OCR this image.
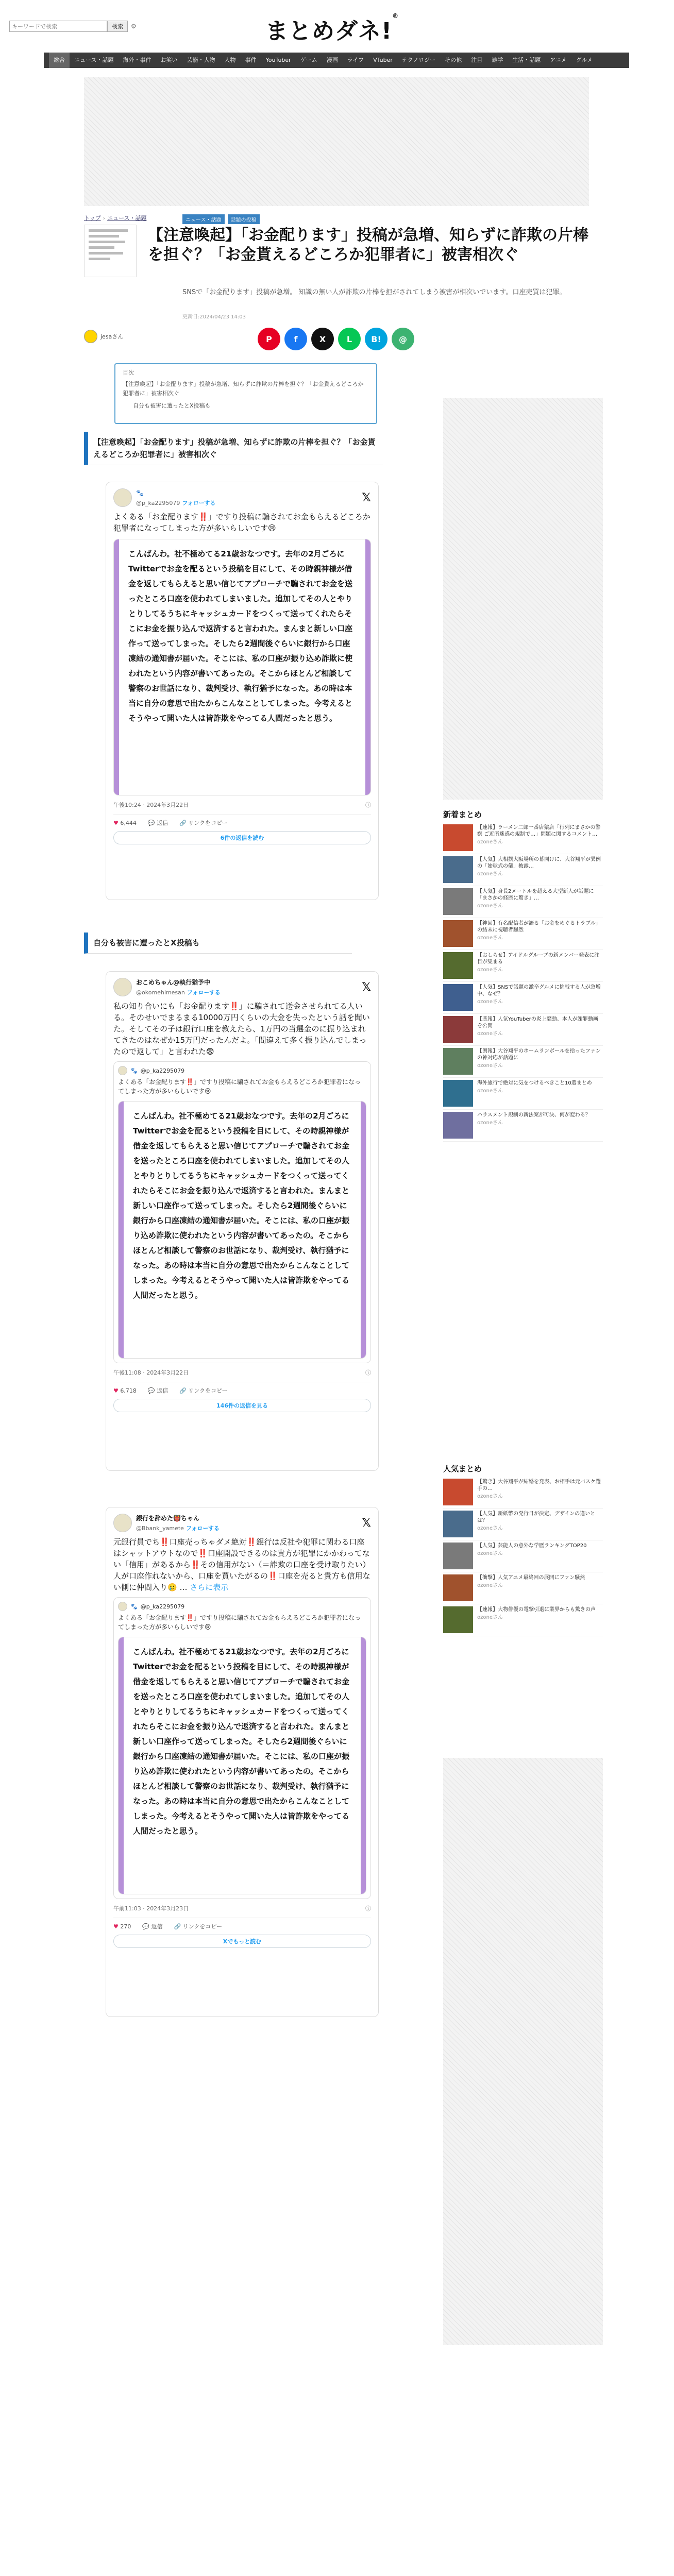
キーワードで検索
検索	⚙	まとめダネ!®
総合	ニュース・話題	海外・事件	お笑い	芸能・人物	人物	事件	YouTuber	ゲーム	漫画	ライフ	VTuber	テクノロジー	その他	注目	雑学	生活・話題	アニメ	グルメ
トップ › ニュース・話題	ニュース・話題	話題の投稿
【注意喚起】「お金配ります」投稿が急増、知らずに詐欺の片棒を担ぐ？「お金貰えるどころか犯罪者に」被害相次ぐ

SNSで「お金配ります」投稿が急増。 知識の無い人が詐欺の片棒を担がされてしまう被害が相次いでいます。口座売買は犯罪。

更新日:2024/04/23 14:03
jesaさん	P	f	X	L	B!	@
目次
【注意喚起】「お金配ります」投稿が急増、知らずに詐欺の片棒を担ぐ？「お金貰えるどころか犯罪者に」被害相次ぐ
自分も被害に遭ったとX投稿も
【注意喚起】「お金配ります」投稿が急増、知らずに詐欺の片棒を担ぐ？「お金貰えるどころか犯罪者に」被害相次ぐ
🐾
@p_ka2295079 フォローする	𝕏
よくある「お金配ります‼️」ですり投稿に騙されてお金もらえるどころか犯罪者になってしまった方が多いらしいです😢
こんばんわ。社不極めてる21歳おなつです。去年の2月ごろにTwitterでお金を配るという投稿を目にして、その時親神様が借金を返してもらえると思い信じてアプローチで騙されてお金を送ったところ口座を使われてしまいました。追加してその人とやりとりしてるうちにキャッシュカードをつくって送ってくれたらそこにお金を振り込んで返済すると言われた。まんまと新しい口座作って送ってしまった。そしたら2週間後ぐらいに銀行から口座凍結の通知書が届いた。そこには、私の口座が振り込め詐欺に使われたという内容が書いてあったの。そこからほとんど相談して警察のお世話になり、裁判受け、執行猶予になった。あの時は本当に自分の意思で出たからこんなことしてしまった。今考えるとそうやって聞いた人は皆詐欺をやってる人間だったと思う。
午後10:24 · 2024年3月22日	ⓘ
♥ 6,444 💬 返信 🔗 リンクをコピー
6件の返信を読む
自分も被害に遭ったとX投稿も
おこめちゃん@執行猶予中
@okomehimesan フォローする	𝕏
私の知り合いにも「お金配ります‼️」に騙されて送金させられてる人いる。そのせいでまるまる10000万円くらいの大金を失ったという話を聞いた。そしてその子は銀行口座を教えたら、1万円の当選金のに振り込まれてきたのはなぜか15万円だったんだよ。「間違えて多く振り込んでしまったので返して」と言われた😨
🐾 @p_ka2295079
よくある「お金配ります‼️」ですり投稿に騙されてお金もらえるどころか犯罪者になってしまった方が多いらしいです😢
こんばんわ。社不極めてる21歳おなつです。去年の2月ごろにTwitterでお金を配るという投稿を目にして、その時親神様が借金を返してもらえると思い信じてアプローチで騙されてお金を送ったところ口座を使われてしまいました。追加してその人とやりとりしてるうちにキャッシュカードをつくって送ってくれたらそこにお金を振り込んで返済すると言われた。まんまと新しい口座作って送ってしまった。そしたら2週間後ぐらいに銀行から口座凍結の通知書が届いた。そこには、私の口座が振り込め詐欺に使われたという内容が書いてあったの。そこからほとんど相談して警察のお世話になり、裁判受け、執行猶予になった。あの時は本当に自分の意思で出たからこんなことしてしまった。今考えるとそうやって聞いた人は皆詐欺をやってる人間だったと思う。
午後11:08 · 2024年3月22日	ⓘ
♥ 6,718 💬 返信 🔗 リンクをコピー
146件の返信を見る
銀行を辞めた👹ちゃん
@Bbank_yamete フォローする	𝕏
元銀行員でち‼️口座売っちゃダメ絶対‼️銀行は反社や犯罪に関わる口座はシャットアウトなので‼️口座開設できるのは貴方が犯罪にかかわってない「信用」があるから‼️その信用がない（＝詐欺の口座を受け取りたい）人が口座作れないから、口座を買いたがるの‼️口座を売ると貴方も信用ない側に仲間入り🥲 … さらに表示
🐾 @p_ka2295079
よくある「お金配ります‼️」ですり投稿に騙されてお金もらえるどころか犯罪者になってしまった方が多いらしいです😢
こんばんわ。社不極めてる21歳おなつです。去年の2月ごろにTwitterでお金を配るという投稿を目にして、その時親神様が借金を返してもらえると思い信じてアプローチで騙されてお金を送ったところ口座を使われてしまいました。追加してその人とやりとりしてるうちにキャッシュカードをつくって送ってくれたらそこにお金を振り込んで返済すると言われた。まんまと新しい口座作って送ってしまった。そしたら2週間後ぐらいに銀行から口座凍結の通知書が届いた。そこには、私の口座が振り込め詐欺に使われたという内容が書いてあったの。そこからほとんど相談して警察のお世話になり、裁判受け、執行猶予になった。あの時は本当に自分の意思で出たからこんなことしてしまった。今考えるとそうやって聞いた人は皆詐欺をやってる人間だったと思う。
午前11:03 · 2024年3月23日	ⓘ
♥ 270 💬 返信 🔗 リンクをコピー
Xでもっと読む
新着まとめ
【速報】ラーメン二郎一番店猿店「行列にまさかの警察 ご近所迷惑の規制で…」問題に関するコメント…
ozoneさん
【人気】大相撲大阪場所の幕開けに、大谷翔平が異例の「始球式の儀」披露…
ozoneさん
【人気】身長2メートルを超える大型新人が話題に「まさかの経歴に驚き」…
ozoneさん
【神回】有名配信者が語る「お金をめぐるトラブル」の結末に視聴者騒然
ozoneさん
【おしらせ】アイドルグループの新メンバー発表に注目が集まる
ozoneさん
【人気】SNSで話題の激辛グルメに挑戦する人が急増中、なぜ？
ozoneさん
【悲報】人気YouTuberの炎上騒動、本人が謝罪動画を公開
ozoneさん
【朗報】大谷翔平のホームランボールを拾ったファンの神対応が話題に
ozoneさん
海外旅行で絶対に気をつけるべきこと10選まとめ
ozoneさん
ハラスメント規制の新法案が可決、何が変わる？
ozoneさん
人気まとめ
【驚き】大谷翔平が結婚を発表、お相手は元バスケ選手の…
ozoneさん
【人気】新紙幣の発行日が決定、デザインの違いとは？
ozoneさん
【人気】芸能人の意外な学歴ランキングTOP20
ozoneさん
【衝撃】人気アニメ最終回の展開にファン騒然
ozoneさん
【速報】大物俳優の電撃引退に業界からも驚きの声
ozoneさん
